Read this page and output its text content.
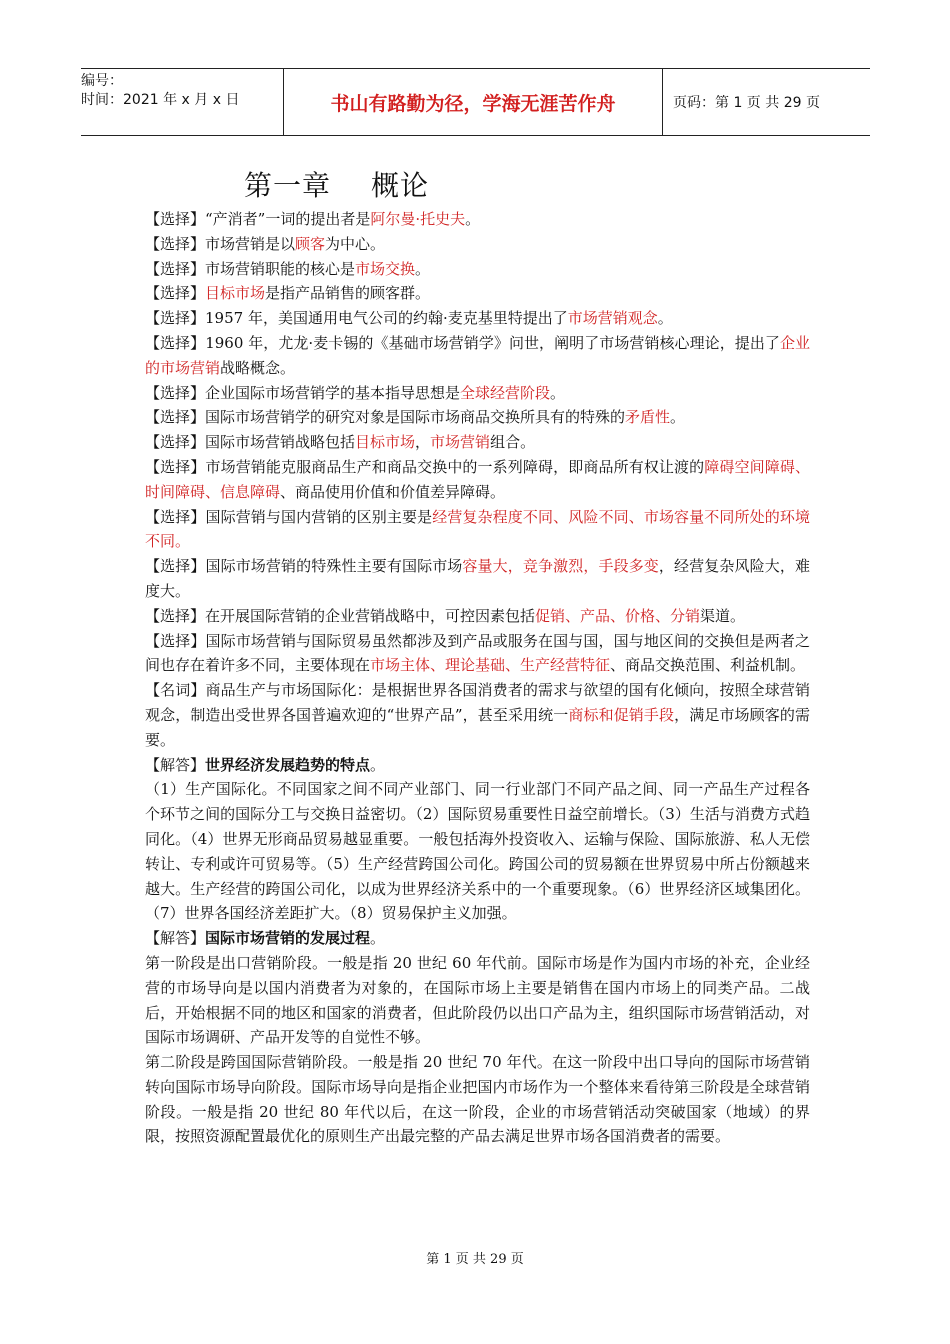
编号：
时间：2021 年 x 月 x 日	书山有路勤为径，学海无涯苦作舟	页码：第 1 页 共 29 页
第一章 概论

【选择】“产消者”一词的提出者是阿尔曼·托史夫。

【选择】市场营销是以顾客为中心。

【选择】市场营销职能的核心是市场交换。

【选择】目标市场是指产品销售的顾客群。

【选择】1957 年，美国通用电气公司的约翰·麦克基里特提出了市场营销观念。

【选择】1960 年，尤龙·麦卡锡的《基础市场营销学》问世，阐明了市场营销核心理论，提出了企业的市场营销战略概念。

【选择】企业国际市场营销学的基本指导思想是全球经营阶段。

【选择】国际市场营销学的研究对象是国际市场商品交换所具有的特殊的矛盾性。

【选择】国际市场营销战略包括目标市场，市场营销组合。

【选择】市场营销能克服商品生产和商品交换中的一系列障碍，即商品所有权让渡的障碍空间障碍、时间障碍、信息障碍、商品使用价值和价值差异障碍。

【选择】国际营销与国内营销的区别主要是经营复杂程度不同、风险不同、市场容量不同所处的环境不同。

【选择】国际市场营销的特殊性主要有国际市场容量大，竞争激烈，手段多变，经营复杂风险大，难度大。

【选择】在开展国际营销的企业营销战略中，可控因素包括促销、产品、价格、分销渠道。

【选择】国际市场营销与国际贸易虽然都涉及到产品或服务在国与国，国与地区间的交换但是两者之间也存在着许多不同，主要体现在市场主体、理论基础、生产经营特征、商品交换范围、利益机制。

【名词】商品生产与市场国际化：是根据世界各国消费者的需求与欲望的国有化倾向，按照全球营销观念，制造出受世界各国普遍欢迎的“世界产品”，甚至采用统一商标和促销手段，满足市场顾客的需要。

【解答】世界经济发展趋势的特点。

（1）生产国际化。不同国家之间不同产业部门、同一行业部门不同产品之间、同一产品生产过程各个环节之间的国际分工与交换日益密切。（2）国际贸易重要性日益空前增长。（3）生活与消费方式趋同化。（4）世界无形商品贸易越显重要。一般包括海外投资收入、运输与保险、国际旅游、私人无偿转让、专利或许可贸易等。（5）生产经营跨国公司化。跨国公司的贸易额在世界贸易中所占份额越来越大。生产经营的跨国公司化，以成为世界经济关系中的一个重要现象。（6）世界经济区域集团化。（7）世界各国经济差距扩大。（8）贸易保护主义加强。

【解答】国际市场营销的发展过程。

第一阶段是出口营销阶段。一般是指 20 世纪 60 年代前。国际市场是作为国内市场的补充，企业经营的市场导向是以国内消费者为对象的，在国际市场上主要是销售在国内市场上的同类产品。二战后，开始根据不同的地区和国家的消费者，但此阶段仍以出口产品为主，组织国际市场营销活动，对国际市场调研、产品开发等的自觉性不够。

第二阶段是跨国国际营销阶段。一般是指 20 世纪 70 年代。在这一阶段中出口导向的国际市场营销转向国际市场导向阶段。国际市场导向是指企业把国内市场作为一个整体来看待第三阶段是全球营销阶段。一般是指 20 世纪 80 年代以后，在这一阶段，企业的市场营销活动突破国家（地域）的界限，按照资源配置最优化的原则生产出最完整的产品去满足世界市场各国消费者的需要。

第 1 页 共 29 页
